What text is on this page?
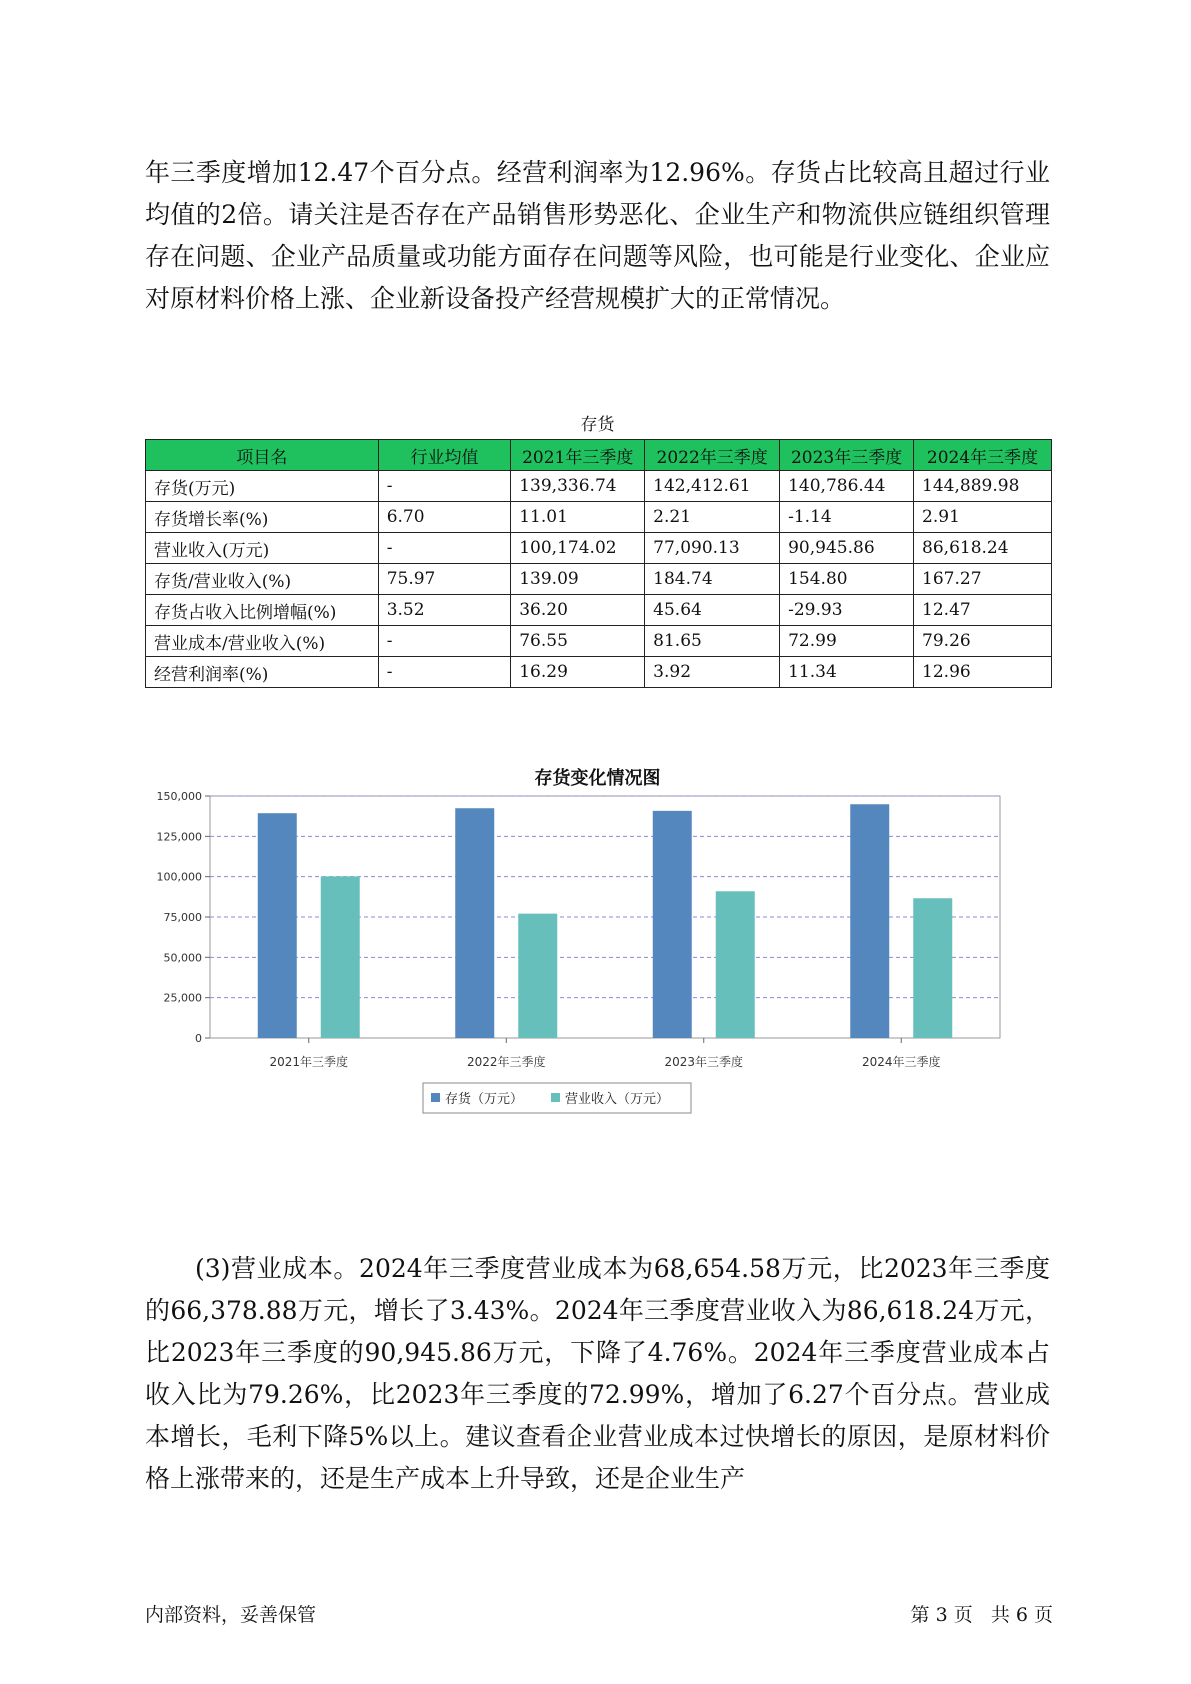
年三季度增加12.47个百分点。经营利润率为12.96%。存货占比较高且超过行业均值的2倍。请关注是否存在产品销售形势恶化、企业生产和物流供应链组织管理存在问题、企业产品质量或功能方面存在问题等风险，也可能是行业变化、企业应对原材料价格上涨、企业新设备投产经营规模扩大的正常情况。

存货
项目名	行业均值	2021年三季度	2022年三季度	2023年三季度	2024年三季度
存货(万元)	-	139,336.74	142,412.61	140,786.44	144,889.98
存货增长率(%)	6.70	11.01	2.21	-1.14	2.91
营业收入(万元)	-	100,174.02	77,090.13	90,945.86	86,618.24
存货/营业收入(%)	75.97	139.09	184.74	154.80	167.27
存货占收入比例增幅(%)	3.52	36.20	45.64	-29.93	12.47
营业成本/营业收入(%)	-	76.55	81.65	72.99	79.26
经营利润率(%)	-	16.29	3.92	11.34	12.96
存货变化情况图
0
25,000
50,000
75,000
100,000
125,000
150,000
2021年三季度	2022年三季度	2023年三季度	2024年三季度
存货（万元）	营业收入（万元）

(3)营业成本。2024年三季度营业成本为68,654.58万元，比2023年三季度的66,378.88万元，增长了3.43%。2024年三季度营业收入为86,618.24万元，比2023年三季度的90,945.86万元，下降了4.76%。2024年三季度营业成本占收入比为79.26%，比2023年三季度的72.99%，增加了6.27个百分点。营业成本增长，毛利下降5%以上。建议查看企业营业成本过快增长的原因，是原材料价格上涨带来的，还是生产成本上升导致，还是企业生产

内部资料，妥善保管	第 3 页   共 6 页
